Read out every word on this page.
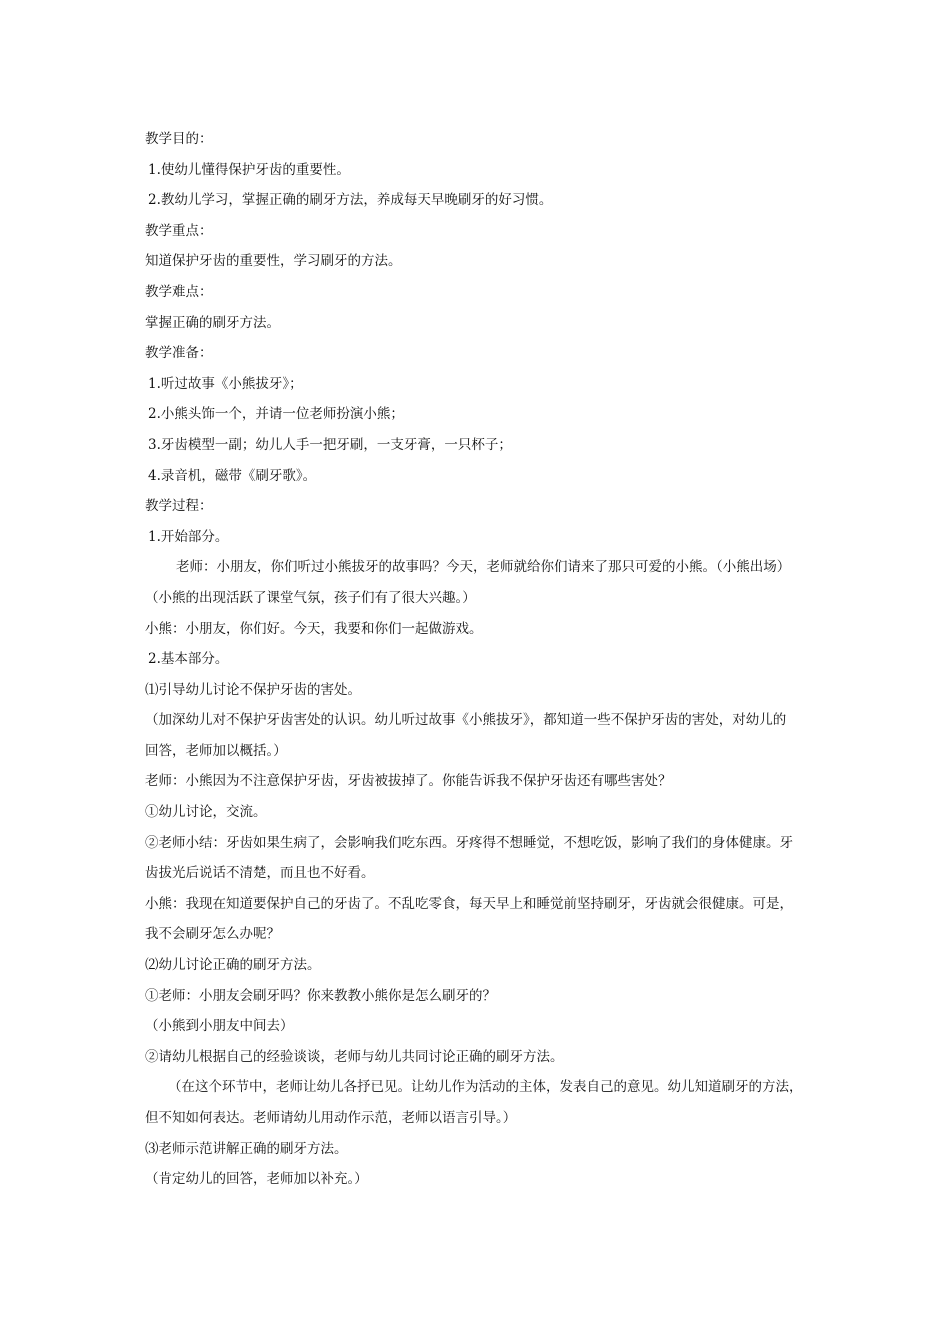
教学目的：
1.使幼儿懂得保护牙齿的重要性。
2.教幼儿学习，掌握正确的刷牙方法，养成每天早晚刷牙的好习惯。
教学重点：
知道保护牙齿的重要性，学习刷牙的方法。
教学难点：
掌握正确的刷牙方法。
教学准备：
1.听过故事《小熊拔牙》；
2.小熊头饰一个，并请一位老师扮演小熊；
3.牙齿模型一副；幼儿人手一把牙刷，一支牙膏，一只杯子；
4.录音机，磁带《刷牙歌》。
教学过程：
1.开始部分。
老师：小朋友，你们听过小熊拔牙的故事吗？今天，老师就给你们请来了那只可爱的小熊。（小熊出场）
（小熊的出现活跃了课堂气氛，孩子们有了很大兴趣。）
小熊：小朋友，你们好。今天，我要和你们一起做游戏。
2.基本部分。
⑴引导幼儿讨论不保护牙齿的害处。
（加深幼儿对不保护牙齿害处的认识。幼儿听过故事《小熊拔牙》，都知道一些不保护牙齿的害处，对幼儿的
回答，老师加以概括。）
老师：小熊因为不注意保护牙齿，牙齿被拔掉了。你能告诉我不保护牙齿还有哪些害处？
①幼儿讨论，交流。
②老师小结：牙齿如果生病了，会影响我们吃东西。牙疼得不想睡觉，不想吃饭，影响了我们的身体健康。牙
齿拔光后说话不清楚，而且也不好看。
小熊：我现在知道要保护自己的牙齿了。不乱吃零食，每天早上和睡觉前坚持刷牙，牙齿就会很健康。可是，
我不会刷牙怎么办呢？
⑵幼儿讨论正确的刷牙方法。
①老师：小朋友会刷牙吗？你来教教小熊你是怎么刷牙的？
（小熊到小朋友中间去）
②请幼儿根据自己的经验谈谈，老师与幼儿共同讨论正确的刷牙方法。
（在这个环节中，老师让幼儿各抒已见。让幼儿作为活动的主体，发表自己的意见。幼儿知道刷牙的方法，
但不知如何表达。老师请幼儿用动作示范，老师以语言引导。）
⑶老师示范讲解正确的刷牙方法。
（肯定幼儿的回答，老师加以补充。）
